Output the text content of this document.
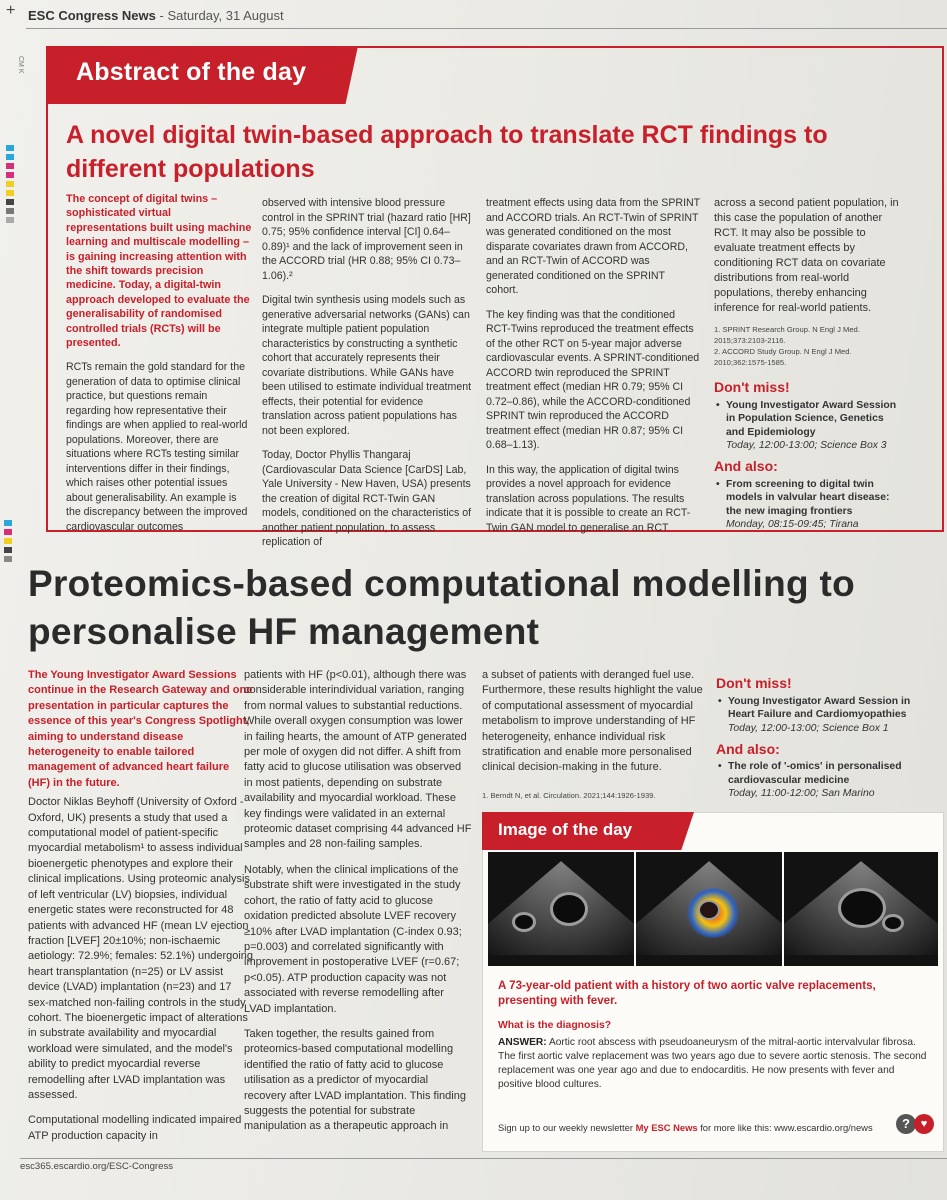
+ ESC Congress News - Saturday, 31 August
CM K Abstract of the day
A novel digital twin-based approach to translate RCT findings to different populations

The concept of digital twins – sophisticated virtual representations built using machine learning and multiscale modelling – is gaining increasing attention with the shift towards precision medicine. Today, a digital-twin approach developed to evaluate the generalisability of randomised controlled trials (RCTs) will be presented.

RCTs remain the gold standard for the generation of data to optimise clinical practice, but questions remain regarding how representative their findings are when applied to real-world populations. Moreover, there are situations where RCTs testing similar interventions differ in their findings, which raises other potential issues about generalisability. An example is the discrepancy between the improved cardiovascular outcomes

observed with intensive blood pressure control in the SPRINT trial (hazard ratio [HR] 0.75; 95% confidence interval [CI] 0.64–0.89)¹ and the lack of improvement seen in the ACCORD trial (HR 0.88; 95% CI 0.73–1.06).²

Digital twin synthesis using models such as generative adversarial networks (GANs) can integrate multiple patient population characteristics by constructing a synthetic cohort that accurately represents their covariate distributions. While GANs have been utilised to estimate individual treatment effects, their potential for evidence translation across patient populations has not been explored.

Today, Doctor Phyllis Thangaraj (Cardiovascular Data Science [CarDS] Lab, Yale University - New Haven, USA) presents the creation of digital RCT-Twin GAN models, conditioned on the characteristics of another patient population, to assess replication of

treatment effects using data from the SPRINT and ACCORD trials. An RCT-Twin of SPRINT was generated conditioned on the most disparate covariates drawn from ACCORD, and an RCT-Twin of ACCORD was generated conditioned on the SPRINT cohort.

The key finding was that the conditioned RCT-Twins reproduced the treatment effects of the other RCT on 5-year major adverse cardiovascular events. A SPRINT-conditioned ACCORD twin reproduced the SPRINT treatment effect (median HR 0.79; 95% CI 0.72–0.86), while the ACCORD-conditioned SPRINT twin reproduced the ACCORD treatment effect (median HR 0.87; 95% CI 0.68–1.13).

In this way, the application of digital twins provides a novel approach for evidence translation across populations. The results indicate that it is possible to create an RCT-Twin GAN model to generalise an RCT

across a second patient population, in this case the population of another RCT. It may also be possible to evaluate treatment effects by conditioning RCT data on covariate distributions from real-world populations, thereby enhancing inference for real-world patients.

1. SPRINT Research Group. N Engl J Med. 2015;373:2103-2116.
2. ACCORD Study Group. N Engl J Med. 2010;362:1575-1585.
Don't miss!
• Young Investigator Award Session in Population Science, Genetics and Epidemiology
Today, 12:00-13:00; Science Box 3
And also:
• From screening to digital twin models in valvular heart disease: the new imaging frontiers
Monday, 08:15-09:45; Tirana
Proteomics-based computational modelling to personalise HF management

The Young Investigator Award Sessions continue in the Research Gateway and one presentation in particular captures the essence of this year's Congress Spotlight, aiming to understand disease heterogeneity to enable tailored management of advanced heart failure (HF) in the future.

Doctor Niklas Beyhoff (University of Oxford - Oxford, UK) presents a study that used a computational model of patient-specific myocardial metabolism¹ to assess individual bioenergetic phenotypes and explore their clinical implications. Using proteomic analysis of left ventricular (LV) biopsies, individual energetic states were reconstructed for 48 patients with advanced HF (mean LV ejection fraction [LVEF] 20±10%; non-ischaemic aetiology: 72.9%; females: 52.1%) undergoing heart transplantation (n=25) or LV assist device (LVAD) implantation (n=23) and 17 sex-matched non-failing controls in the study cohort. The bioenergetic impact of alterations in substrate availability and myocardial workload were simulated, and the model's ability to predict myocardial reverse remodelling after LVAD implantation was assessed.

Computational modelling indicated impaired ATP production capacity in

patients with HF (p<0.01), although there was considerable interindividual variation, ranging from normal values to substantial reductions. While overall oxygen consumption was lower in failing hearts, the amount of ATP generated per mole of oxygen did not differ. A shift from fatty acid to glucose utilisation was observed in most patients, depending on substrate availability and myocardial workload. These key findings were validated in an external proteomic dataset comprising 44 advanced HF samples and 28 non-failing samples.

Notably, when the clinical implications of the substrate shift were investigated in the study cohort, the ratio of fatty acid to glucose oxidation predicted absolute LVEF recovery ≥10% after LVAD implantation (C-index 0.93; p=0.003) and correlated significantly with improvement in postoperative LVEF (r=0.67; p<0.05). ATP production capacity was not associated with reverse remodelling after LVAD implantation.

Taken together, the results gained from proteomics-based computational modelling identified the ratio of fatty acid to glucose utilisation as a predictor of myocardial recovery after LVAD implantation. This finding suggests the potential for substrate manipulation as a therapeutic approach in

a subset of patients with deranged fuel use. Furthermore, these results highlight the value of computational assessment of myocardial metabolism to improve understanding of HF heterogeneity, enhance individual risk stratification and enable more personalised clinical decision-making in the future.

1. Berndt N, et al. Circulation. 2021;144:1926-1939.
Don't miss!
• Young Investigator Award Session in Heart Failure and Cardiomyopathies
Today, 12:00-13:00; Science Box 1
And also:
• The role of '-omics' in personalised cardiovascular medicine
Today, 11:00-12:00; San Marino
Image of the day
A 73-year-old patient with a history of two aortic valve replacements, presenting with fever.
What is the diagnosis?
ANSWER: Aortic root abscess with pseudoaneurysm of the mitral-aortic intervalvular fibrosa.
The first aortic valve replacement was two years ago due to severe aortic stenosis. The second replacement was one year ago and due to endocarditis. He now presents with fever and positive blood cultures.
Sign up to our weekly newsletter My ESC News for more like this: www.escardio.org/news	? ♥
esc365.escardio.org/ESC-Congress
